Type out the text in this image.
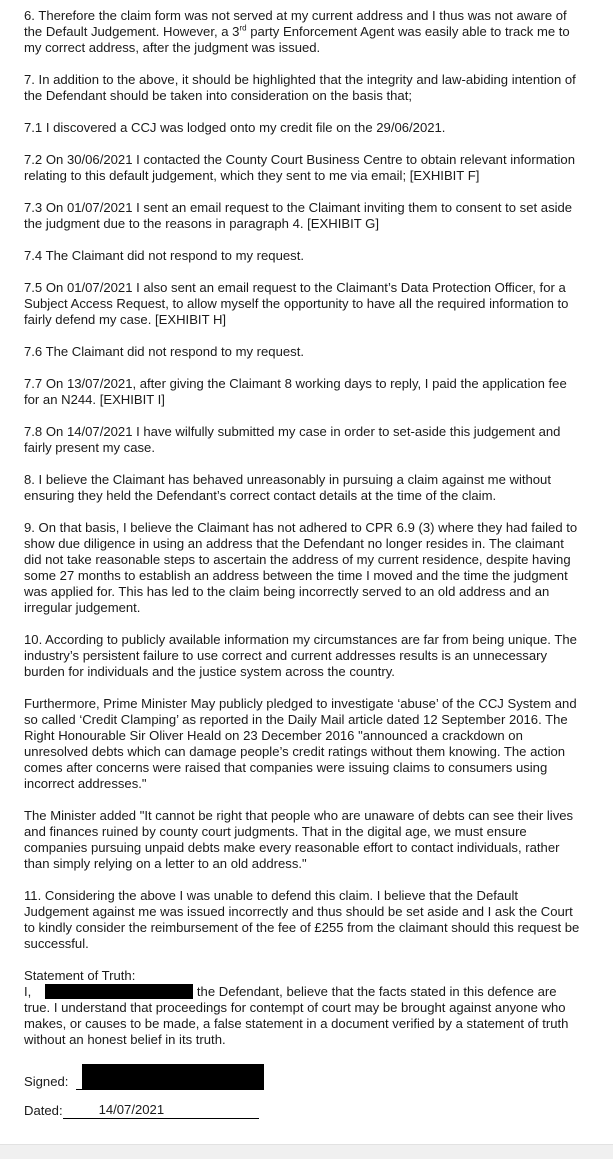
6. Therefore the claim form was not served at my current address and I thus was not aware of the Default Judgement. However, a 3rd party Enforcement Agent was easily able to track me to my correct address, after the judgment was issued.

7. In addition to the above, it should be highlighted that the integrity and law-abiding intention of the Defendant should be taken into consideration on the basis that;

7.1 I discovered a CCJ was lodged onto my credit file on the 29/06/2021.

7.2 On 30/06/2021 I contacted the County Court Business Centre to obtain relevant information relating to this default judgement, which they sent to me via email; [EXHIBIT F]

7.3 On 01/07/2021 I sent an email request to the Claimant inviting them to consent to set aside the judgment due to the reasons in paragraph 4. [EXHIBIT G]

7.4 The Claimant did not respond to my request.

7.5 On 01/07/2021 I also sent an email request to the Claimant’s Data Protection Officer, for a Subject Access Request, to allow myself the opportunity to have all the required information to fairly defend my case. [EXHIBIT H]

7.6 The Claimant did not respond to my request.

7.7 On 13/07/2021, after giving the Claimant 8 working days to reply, I paid the application fee for an N244. [EXHIBIT I]

7.8 On 14/07/2021 I have wilfully submitted my case in order to set-aside this judgement and fairly present my case.

8. I believe the Claimant has behaved unreasonably in pursuing a claim against me without ensuring they held the Defendant’s correct contact details at the time of the claim.

9. On that basis, I believe the Claimant has not adhered to CPR 6.9 (3) where they had failed to show due diligence in using an address that the Defendant no longer resides in. The claimant did not take reasonable steps to ascertain the address of my current residence, despite having some 27 months to establish an address between the time I moved and the time the judgment was applied for. This has led to the claim being incorrectly served to an old address and an irregular judgement.

10. According to publicly available information my circumstances are far from being unique. The industry’s persistent failure to use correct and current addresses results is an unnecessary burden for individuals and the justice system across the country.

Furthermore, Prime Minister May publicly pledged to investigate ‘abuse’ of the CCJ System and so called ‘Credit Clamping’ as reported in the Daily Mail article dated 12 September 2016. The Right Honourable Sir Oliver Heald on 23 December 2016 "announced a crackdown on unresolved debts which can damage people’s credit ratings without them knowing. The action comes after concerns were raised that companies were issuing claims to consumers using incorrect addresses."

The Minister added "It cannot be right that people who are unaware of debts can see their lives and finances ruined by county court judgments. That in the digital age, we must ensure companies pursuing unpaid debts make every reasonable effort to contact individuals, rather than simply relying on a letter to an old address."

11. Considering the above I was unable to defend this claim. I believe that the Default Judgement against me was issued incorrectly and thus should be set aside and I ask the Court to kindly consider the reimbursement of the fee of £255 from the claimant should this request be successful.

Statement of Truth:
I,	the Defendant, believe that the facts stated in this defence are true. I understand that proceedings for contempt of court may be brought against anyone who makes, or causes to be made, a false statement in a document verified by a statement of truth without an honest belief in its truth.
Signed:
Dated:	14/07/2021
